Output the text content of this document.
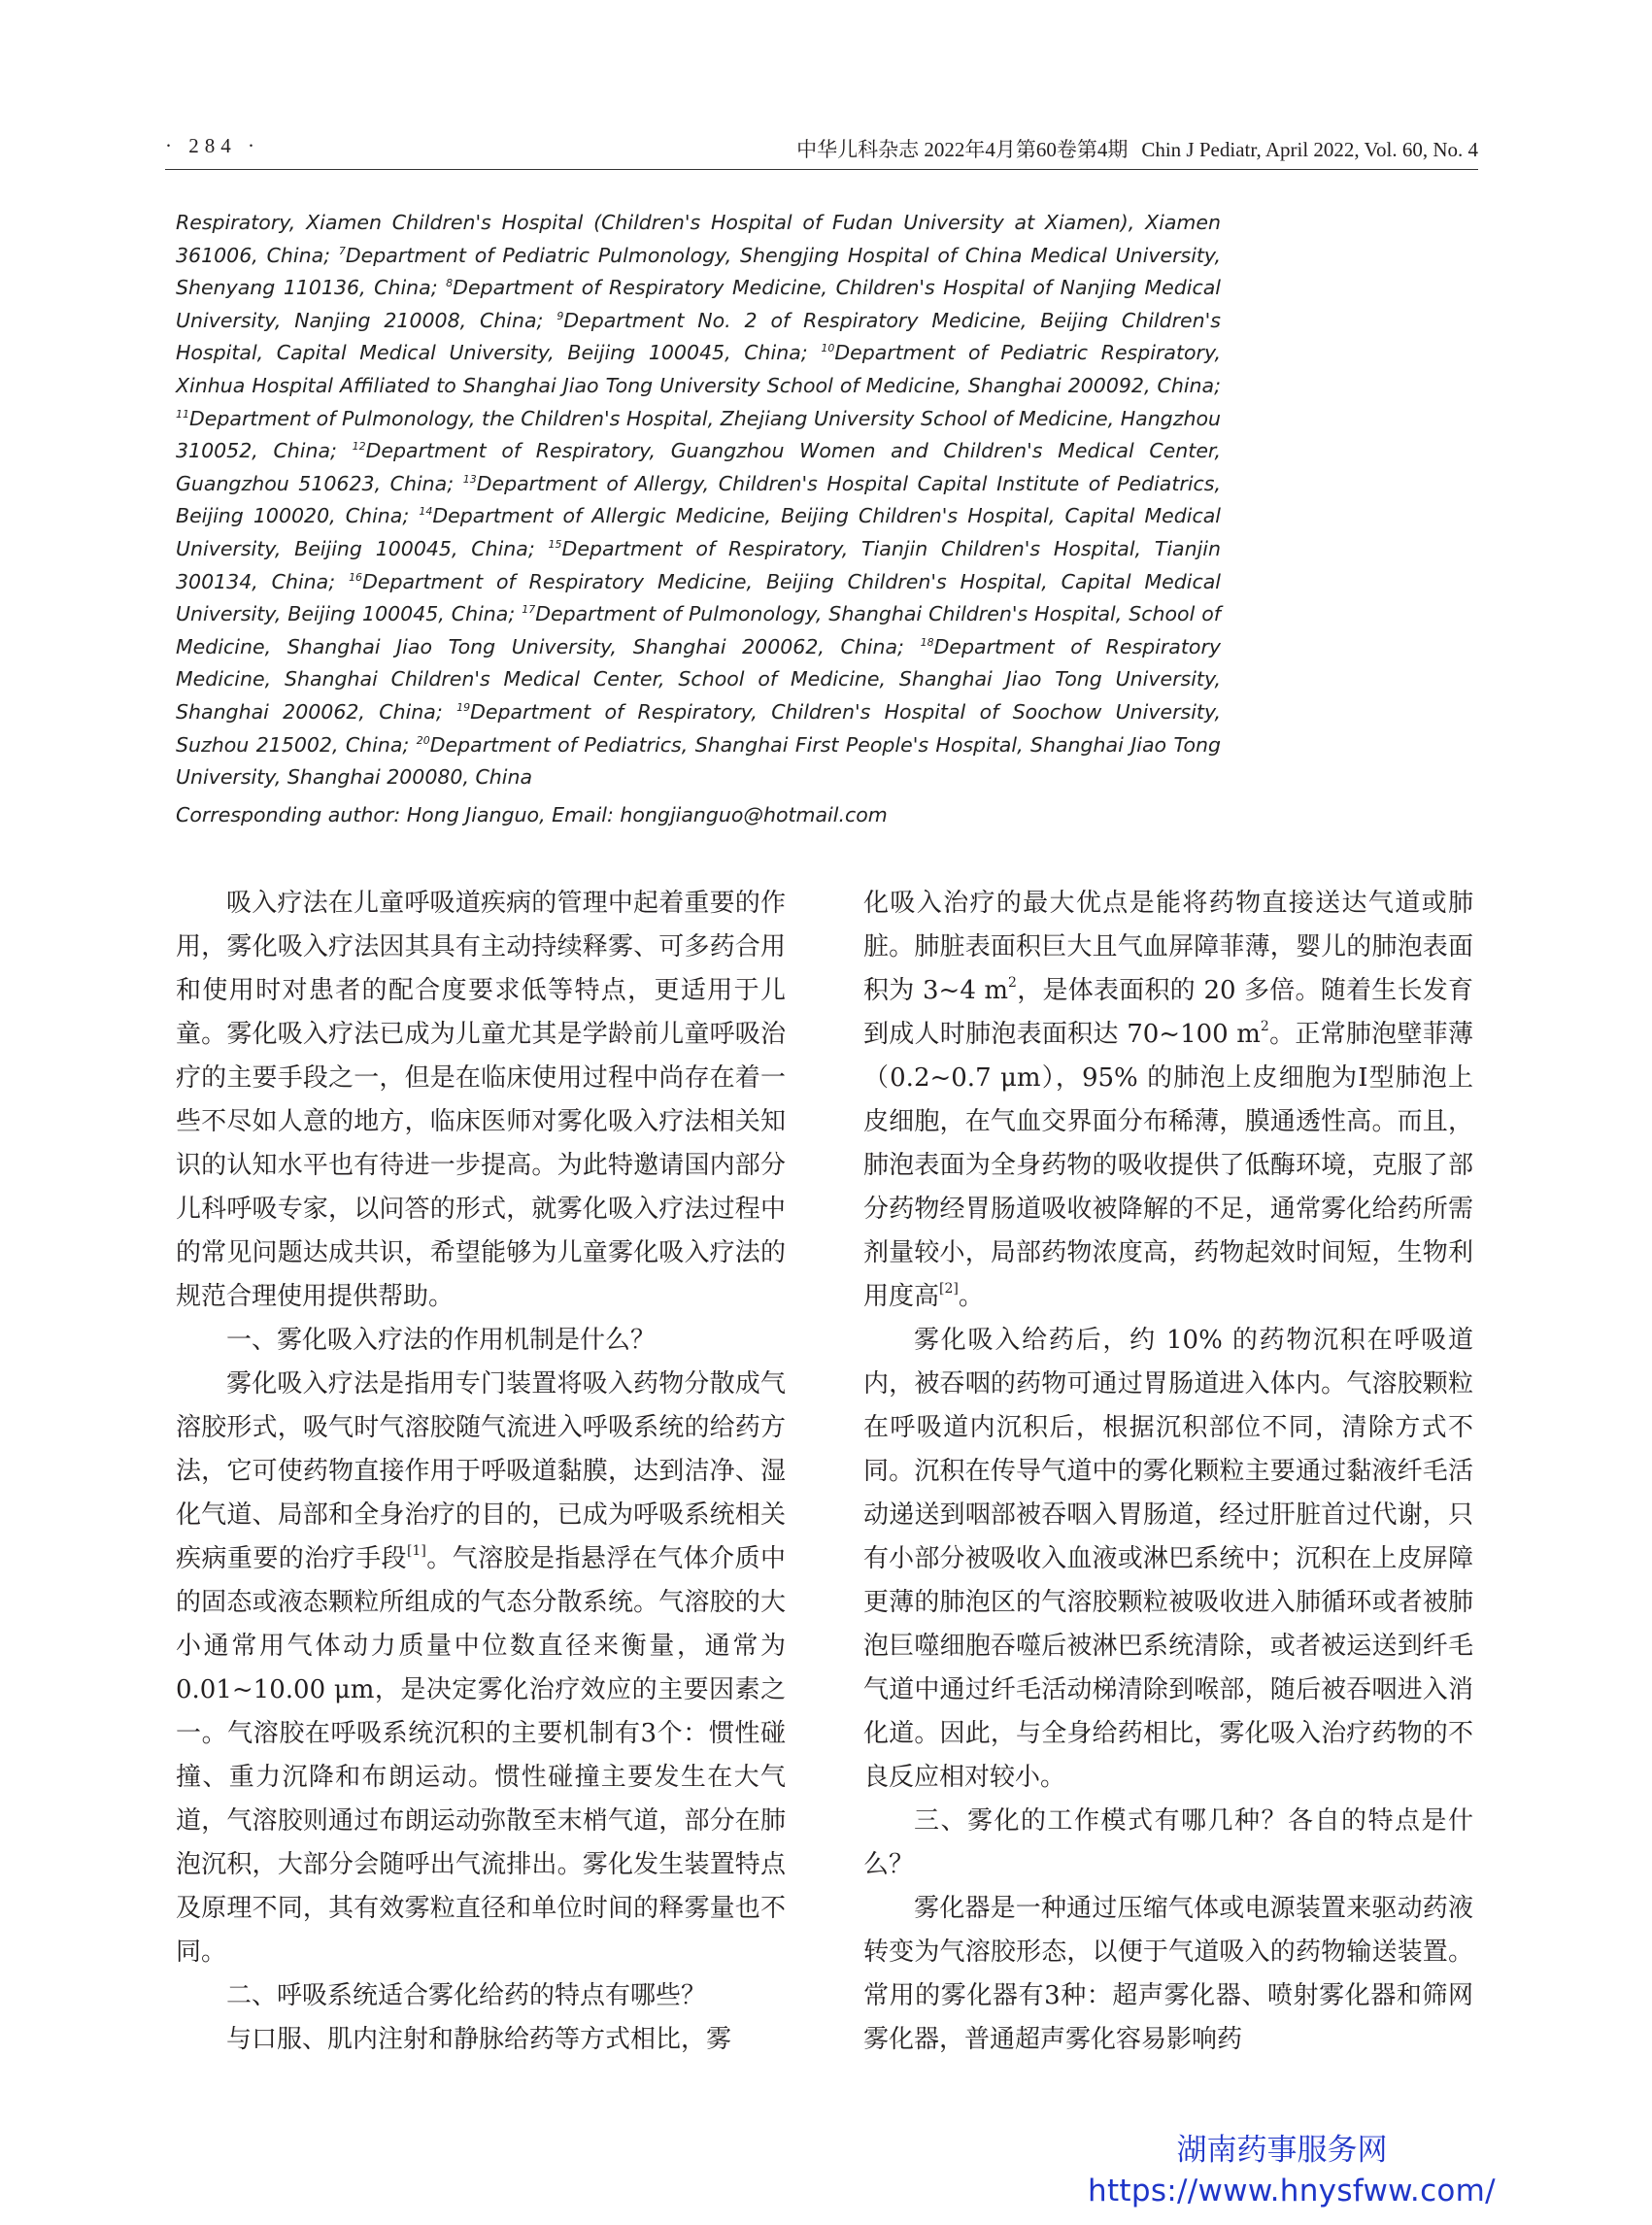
· 284 ·	中华儿科杂志 2022年4月第60卷第4期 Chin J Pediatr, April 2022, Vol. 60, No. 4

Respiratory, Xiamen Children's Hospital (Children's Hospital of Fudan University at Xiamen), Xiamen 361006, China; $^7$Department of Pediatric Pulmonology, Shengjing Hospital of China Medical University, Shenyang 110136, China; $^8$Department of Respiratory Medicine, Children's Hospital of Nanjing Medical University, Nanjing 210008, China; $^9$Department No. 2 of Respiratory Medicine, Beijing Children's Hospital, Capital Medical University, Beijing 100045, China; $^{10}$Department of Pediatric Respiratory, Xinhua Hospital Affiliated to Shanghai Jiao Tong University School of Medicine, Shanghai 200092, China; $^{11}$Department of Pulmonology, the Children's Hospital, Zhejiang University School of Medicine, Hangzhou 310052, China; $^{12}$Department of Respiratory, Guangzhou Women and Children's Medical Center, Guangzhou 510623, China; $^{13}$Department of Allergy, Children's Hospital Capital Institute of Pediatrics, Beijing 100020, China; $^{14}$Department of Allergic Medicine, Beijing Children's Hospital, Capital Medical University, Beijing 100045, China; $^{15}$Department of Respiratory, Tianjin Children's Hospital, Tianjin 300134, China; $^{16}$Department of Respiratory Medicine, Beijing Children's Hospital, Capital Medical University, Beijing 100045, China; $^{17}$Department of Pulmonology, Shanghai Children's Hospital, School of Medicine, Shanghai Jiao Tong University, Shanghai 200062, China; $^{18}$Department of Respiratory Medicine, Shanghai Children's Medical Center, School of Medicine, Shanghai Jiao Tong University, Shanghai 200062, China; $^{19}$Department of Respiratory, Children's Hospital of Soochow University, Suzhou 215002, China; $^{20}$Department of Pediatrics, Shanghai First People's Hospital, Shanghai Jiao Tong University, Shanghai 200080, China

Corresponding author: Hong Jianguo, Email: hongjianguo@hotmail.com

吸入疗法在儿童呼吸道疾病的管理中起着重要的作用，雾化吸入疗法因其具有主动持续释雾、可多药合用和使用时对患者的配合度要求低等特点，更适用于儿童。雾化吸入疗法已成为儿童尤其是学龄前儿童呼吸治疗的主要手段之一，但是在临床使用过程中尚存在着一些不尽如人意的地方，临床医师对雾化吸入疗法相关知识的认知水平也有待进一步提高。为此特邀请国内部分儿科呼吸专家，以问答的形式，就雾化吸入疗法过程中的常见问题达成共识，希望能够为儿童雾化吸入疗法的规范合理使用提供帮助。

一、雾化吸入疗法的作用机制是什么？

雾化吸入疗法是指用专门装置将吸入药物分散成气溶胶形式，吸气时气溶胶随气流进入呼吸系统的给药方法，它可使药物直接作用于呼吸道黏膜，达到洁净、湿化气道、局部和全身治疗的目的，已成为呼吸系统相关疾病重要的治疗手段[1]。气溶胶是指悬浮在气体介质中的固态或液态颗粒所组成的气态分散系统。气溶胶的大小通常用气体动力质量中位数直径来衡量，通常为 0.01~10.00 μm，是决定雾化治疗效应的主要因素之一。气溶胶在呼吸系统沉积的主要机制有3个：惯性碰撞、重力沉降和布朗运动。惯性碰撞主要发生在大气道，气溶胶则通过布朗运动弥散至末梢气道，部分在肺泡沉积，大部分会随呼出气流排出。雾化发生装置特点及原理不同，其有效雾粒直径和单位时间的释雾量也不同。

二、呼吸系统适合雾化给药的特点有哪些？

与口服、肌内注射和静脉给药等方式相比，雾

化吸入治疗的最大优点是能将药物直接送达气道或肺脏。肺脏表面积巨大且气血屏障菲薄，婴儿的肺泡表面积为 3~4 $m^2$，是体表面积的 20 多倍。随着生长发育到成人时肺泡表面积达 70~100 $m^2$。正常肺泡壁菲薄（0.2~0.7 μm），95% 的肺泡上皮细胞为Ⅰ型肺泡上皮细胞，在气血交界面分布稀薄，膜通透性高。而且，肺泡表面为全身药物的吸收提供了低酶环境，克服了部分药物经胃肠道吸收被降解的不足，通常雾化给药所需剂量较小，局部药物浓度高，药物起效时间短，生物利用度高[2]。

雾化吸入给药后，约 10% 的药物沉积在呼吸道内，被吞咽的药物可通过胃肠道进入体内。气溶胶颗粒在呼吸道内沉积后，根据沉积部位不同，清除方式不同。沉积在传导气道中的雾化颗粒主要通过黏液纤毛活动递送到咽部被吞咽入胃肠道，经过肝脏首过代谢，只有小部分被吸收入血液或淋巴系统中；沉积在上皮屏障更薄的肺泡区的气溶胶颗粒被吸收进入肺循环或者被肺泡巨噬细胞吞噬后被淋巴系统清除，或者被运送到纤毛气道中通过纤毛活动梯清除到喉部，随后被吞咽进入消化道。因此，与全身给药相比，雾化吸入治疗药物的不良反应相对较小。

三、雾化的工作模式有哪几种？各自的特点是什么？

雾化器是一种通过压缩气体或电源装置来驱动药液转变为气溶胶形态，以便于气道吸入的药物输送装置。常用的雾化器有3种：超声雾化器、喷射雾化器和筛网雾化器，普通超声雾化容易影响药

湖南药事服务网
https://www.hnysfww.com/
